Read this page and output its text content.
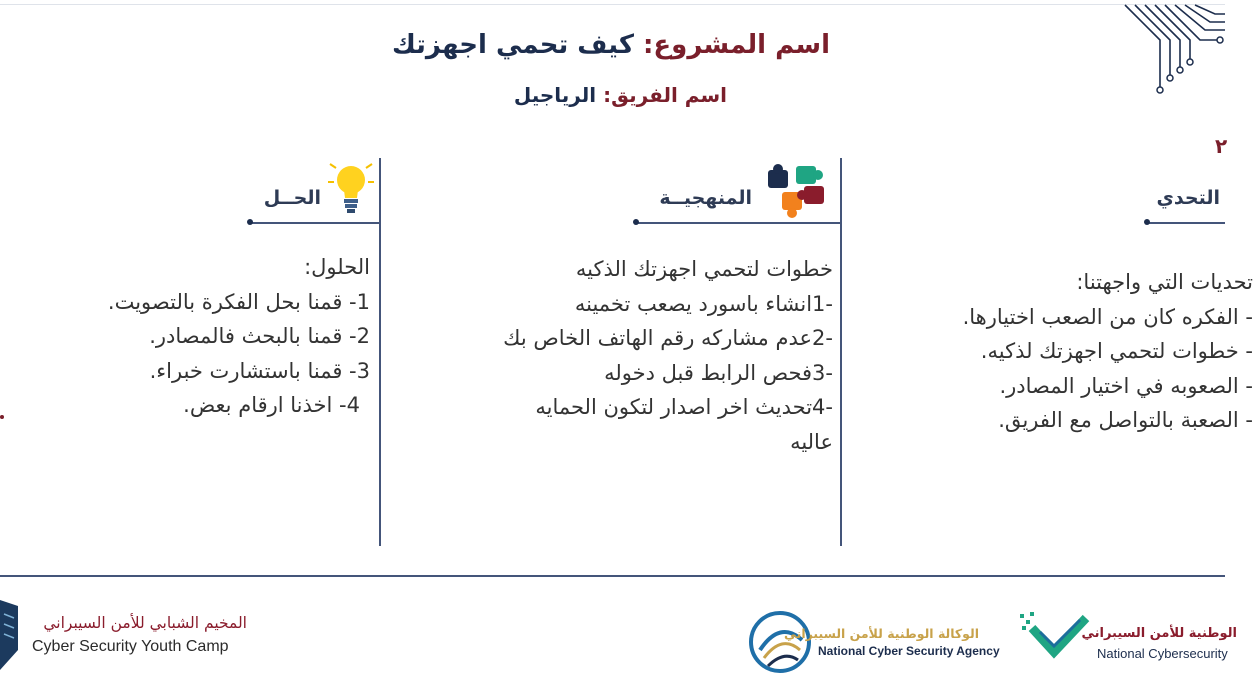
٢
اسم المشروع: كيف تحمي اجهزتك
اسم الفريق: الرياجيل
الحــل	المنهجيــة	التحدي
الحلول:
1- قمنا بحل الفكرة بالتصويت.
2- قمنا بالبحث فالمصادر.
3- قمنا باستشارت خبراء.
4- اخذنا ارقام بعض.
خطوات لتحمي اجهزتك الذكيه
-1انشاء باسورد يصعب تخمينه
-2عدم مشاركه رقم الهاتف الخاص بك
-3فحص الرابط قبل دخوله
-4تحديث اخر اصدار لتكون الحمايه
عاليه
تحديات التي واجهتنا:
- الفكره كان من الصعب اختيارها.
- خطوات لتحمي اجهزتك لذكيه.
- الصعوبه في اختيار المصادر.
- الصعبة بالتواصل مع الفريق.
المخيم الشبابي للأمن السيبراني
Cyber Security Youth Camp
الوكالة الوطنية للأمن السيبراني
National Cyber Security Agency
الوطنية للأمن السيبراني
National Cybersecurity
